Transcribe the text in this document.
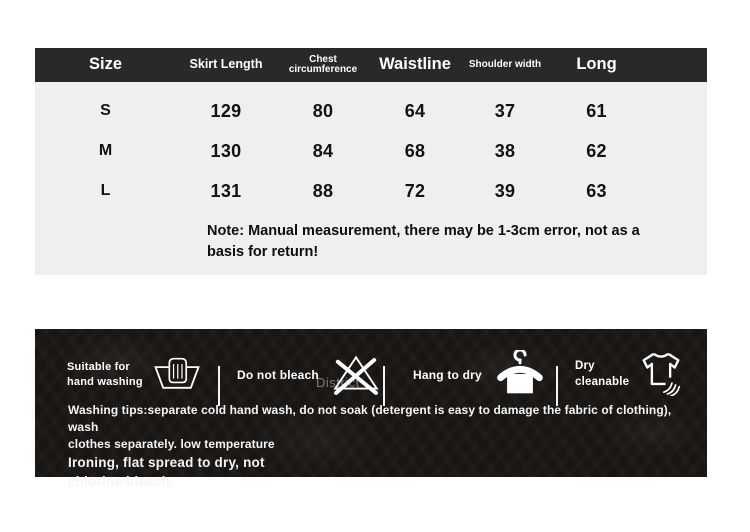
Size	Skirt Length	Chest circumference	Waistline	Shoulder width	Long
S	129	80	64	37	61
M	130	84	68	38	62
L	131	88	72	39	63
Note: Manual measurement, there may be 1-3cm error, not as a basis for return!
Suitable for
hand washing
Do not bleach
District
Hang to dry
Dry
cleanable
Washing tips:separate cold hand wash, do not soak (detergent is easy to damage the fabric of clothing), wash
clothes separately. low temperature
Ironing, flat spread to dry, not
chlorine bleach.
